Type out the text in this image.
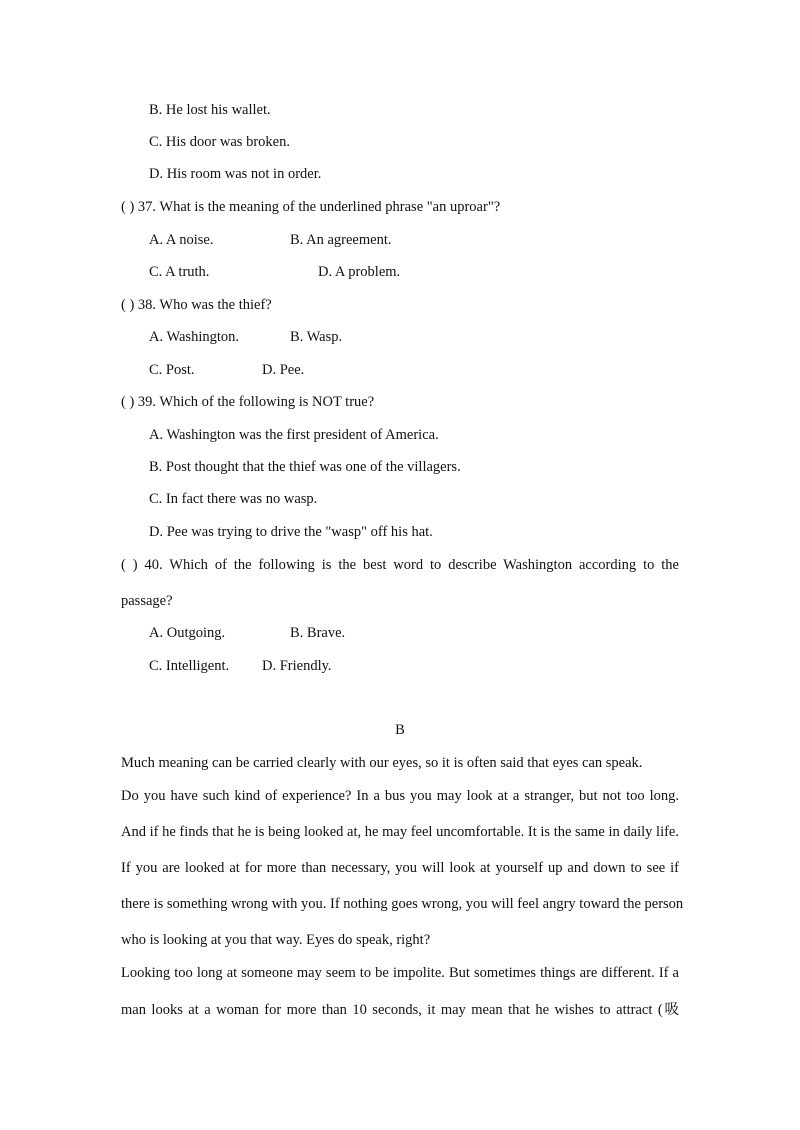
B. He lost his wallet.
C. His door was broken.
D. His room was not in order.
( ) 37. What is the meaning of the underlined phrase "an uproar"?
A. A noise.	B. An agreement.
C. A truth.	D. A problem.
( ) 38. Who was the thief?
A. Washington.	B. Wasp.
C. Post.	D. Pee.
( ) 39. Which of the following is NOT true?
A. Washington was the first president of America.
B. Post thought that the thief was one of the villagers.
C. In fact there was no wasp.
D. Pee was trying to drive the "wasp" off his hat.
( ) 40. Which of the following is the best word to describe Washington according to the
passage?
A. Outgoing.	B. Brave.
C. Intelligent. D. Friendly.
B
Much meaning can be carried clearly with our eyes, so it is often said that eyes can speak.
Do you have such kind of experience? In a bus you may look at a stranger, but not too long.
And if he finds that he is being looked at, he may feel uncomfortable. It is the same in daily life.
If you are looked at for more than necessary, you will look at yourself up and down to see if
there is something wrong with you. If nothing goes wrong, you will feel angry toward the person
who is looking at you that way. Eyes do speak, right?
Looking too long at someone may seem to be impolite. But sometimes things are different. If a
man looks at a woman for more than 10 seconds, it may mean that he wishes to attract (吸
